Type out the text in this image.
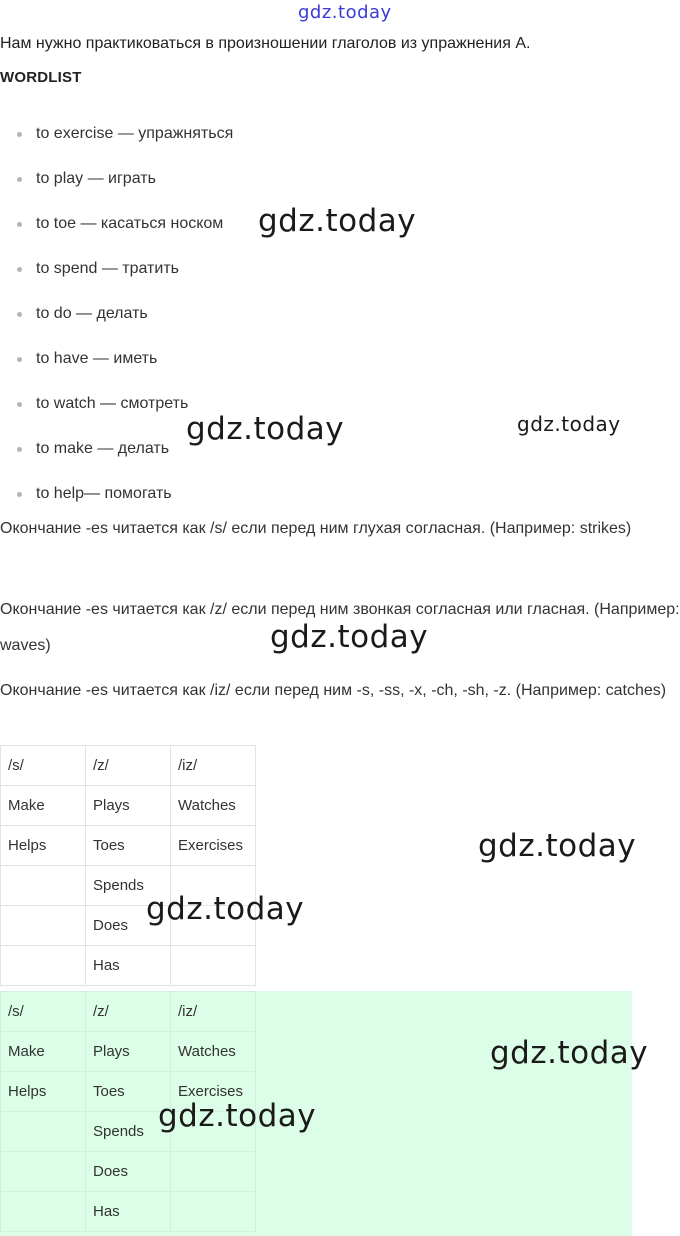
gdz.today
Нам нужно практиковаться в произношении глаголов из упражнения А.
WORDLIST
to exercise — упражняться
to play — играть
to toe — касаться носком
to spend — тратить
to do — делать
to have — иметь
to watch — смотреть
to make — делать
to help— помогать
Окончание -es читается как /s/ если перед ним глухая согласная. (Например: strikes)
Окончание -es читается как /z/ если перед ним звонкая согласная или гласная. (Например: waves)
Окончание -es читается как /iz/ если перед ним -s, -ss, -x, -ch, -sh, -z. (Например: catches)
/s/	/z/	/iz/
Make	Plays	Watches
Helps	Toes	Exercises
	Spends	
	Does	
	Has	
/s/	/z/	/iz/
Make	Plays	Watches
Helps	Toes	Exercises
	Spends	
	Does	
	Has	
gdz.today
gdz.today	gdz.today
gdz.today
gdz.today
gdz.today
gdz.today
gdz.today
